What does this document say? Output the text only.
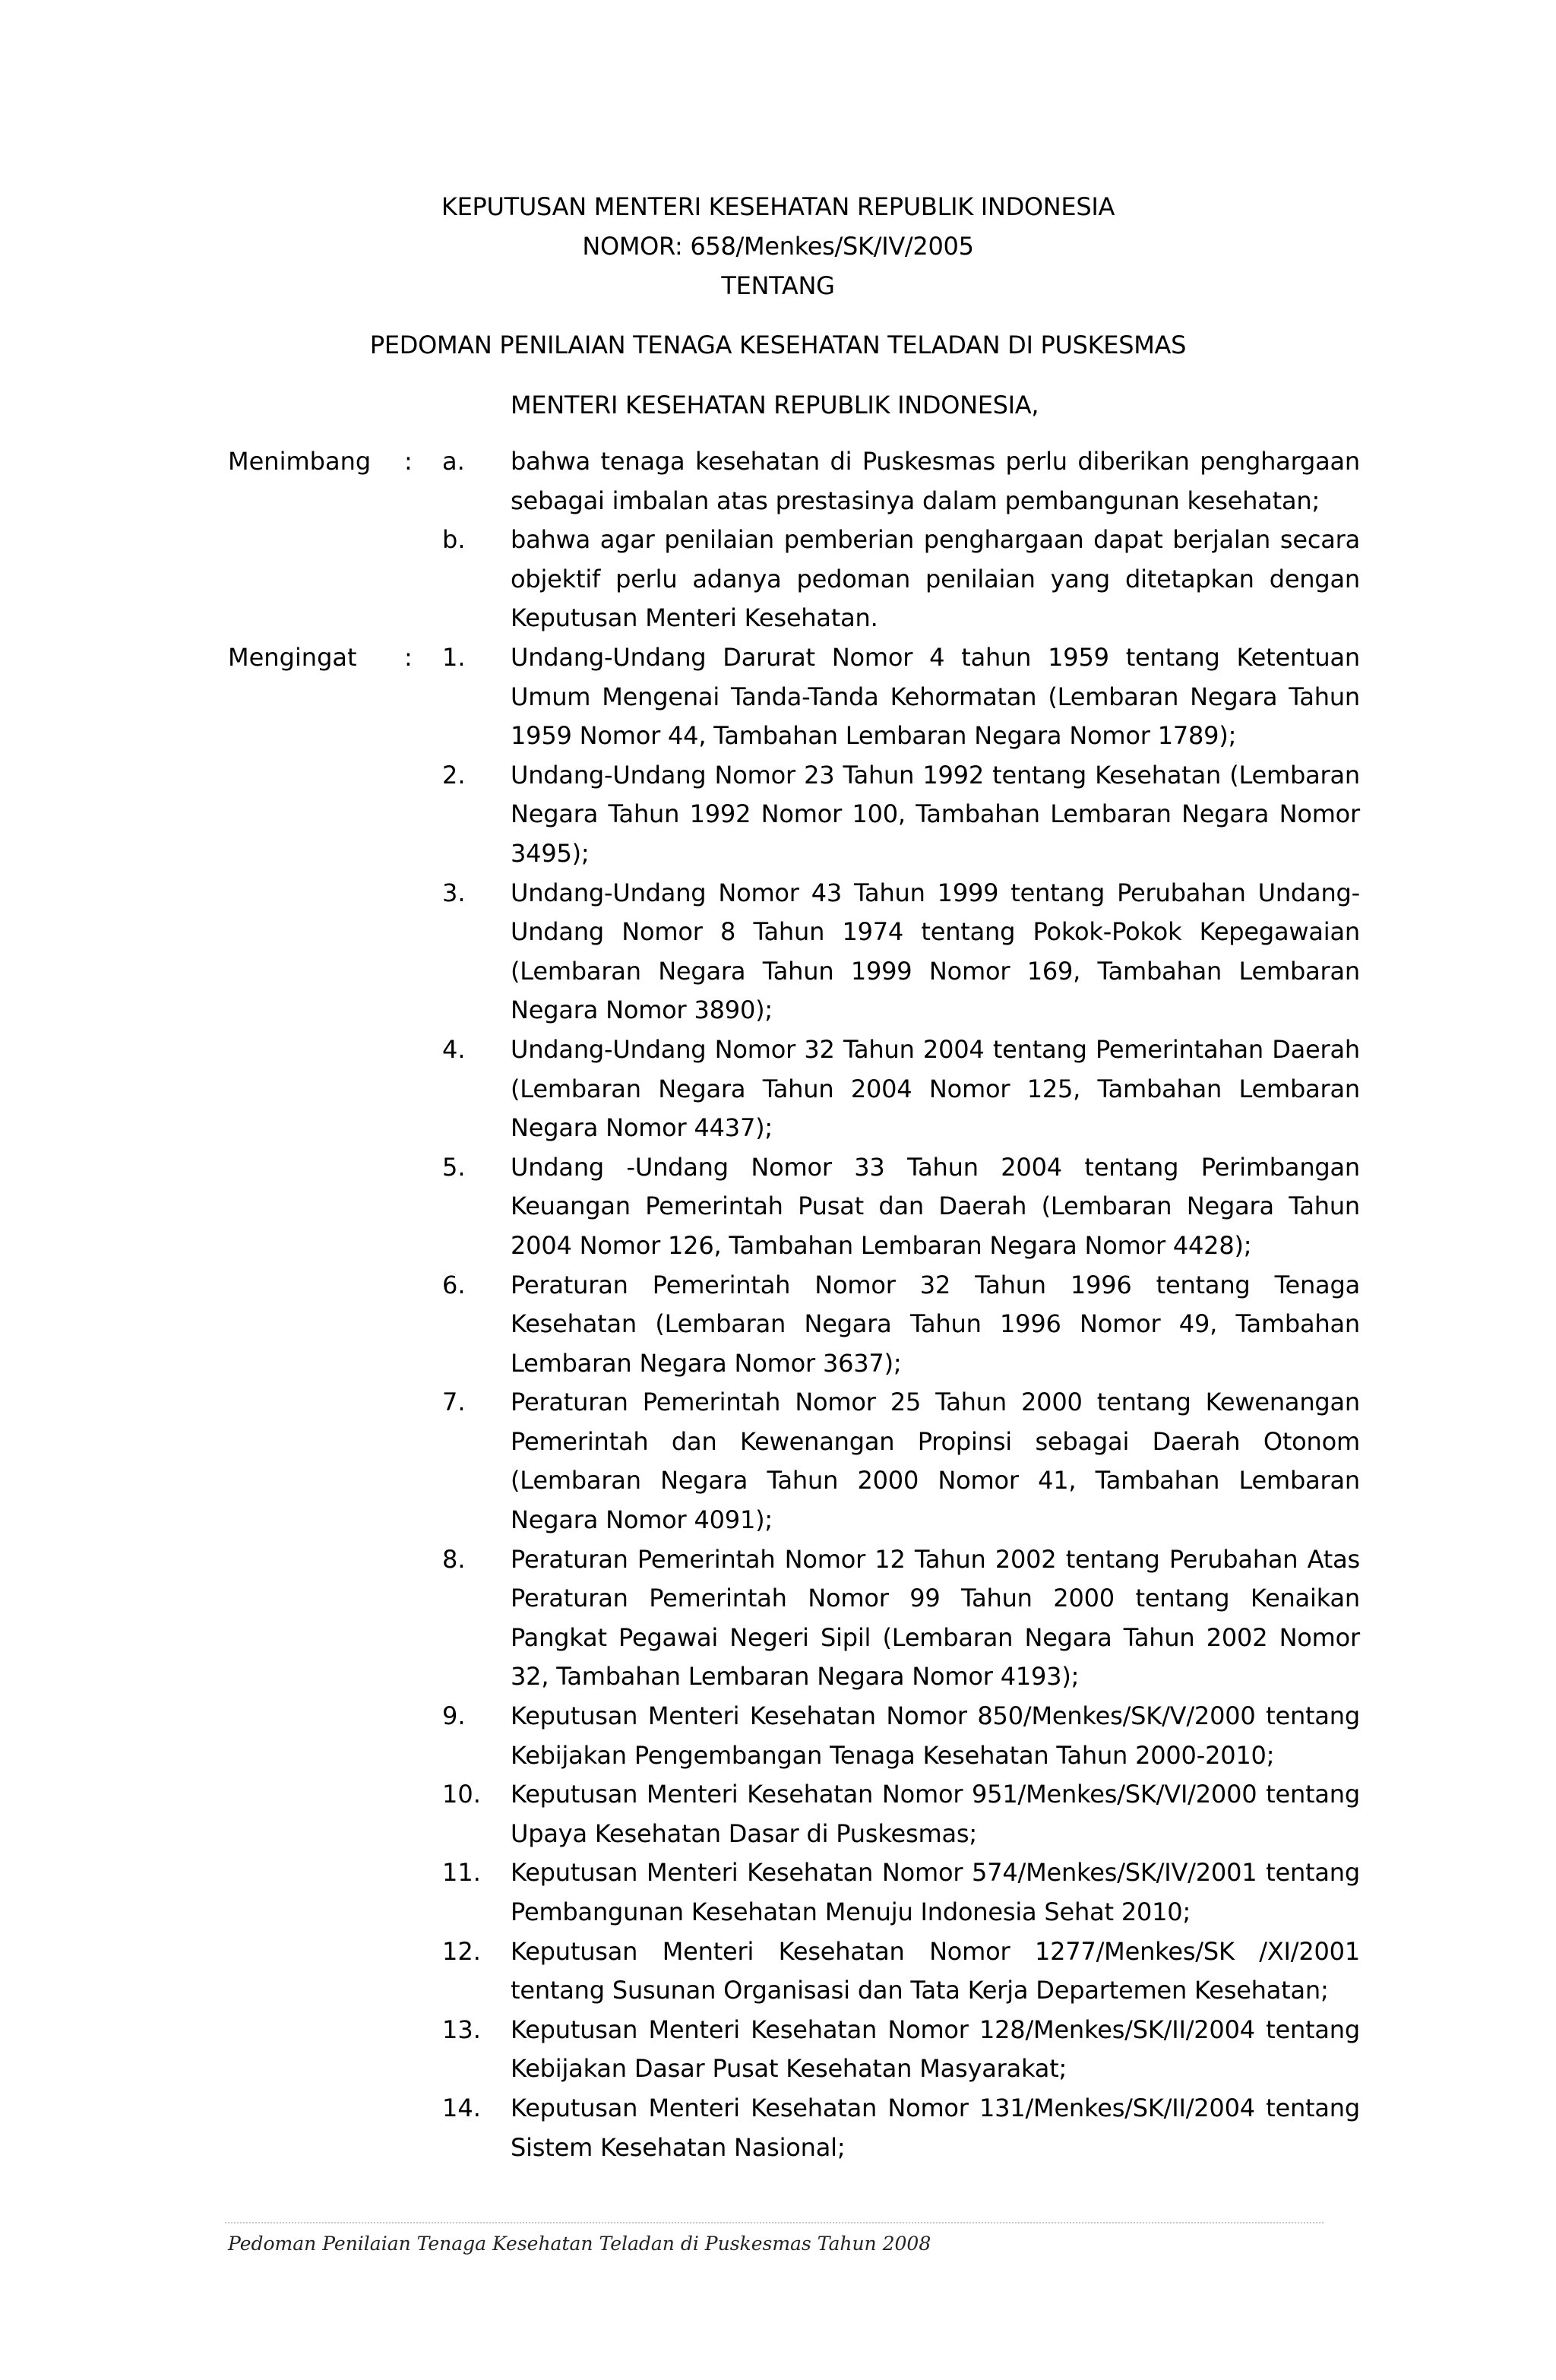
KEPUTUSAN MENTERI KESEHATAN REPUBLIK INDONESIA
NOMOR: 658/Menkes/SK/IV/2005
TENTANG
PEDOMAN PENILAIAN TENAGA KESEHATAN TELADAN DI PUSKESMAS
MENTERI KESEHATAN REPUBLIK INDONESIA,
Menimbang : a. bahwa tenaga kesehatan di Puskesmas perlu diberikan penghargaan sebagai imbalan atas prestasinya dalam pembangunan kesehatan;
b. bahwa agar penilaian pemberian penghargaan dapat berjalan secara objektif perlu adanya pedoman penilaian yang ditetapkan dengan Keputusan Menteri Kesehatan.
Mengingat : 1. Undang-Undang Darurat Nomor 4 tahun 1959 tentang Ketentuan Umum Mengenai Tanda-Tanda Kehormatan (Lembaran Negara Tahun 1959 Nomor 44, Tambahan Lembaran Negara Nomor 1789);
2. Undang-Undang Nomor 23 Tahun 1992 tentang Kesehatan (Lembaran Negara Tahun 1992 Nomor 100, Tambahan Lembaran Negara Nomor 3495);
3. Undang-Undang Nomor 43 Tahun 1999 tentang Perubahan Undang-Undang Nomor 8 Tahun 1974 tentang Pokok-Pokok Kepegawaian (Lembaran Negara Tahun 1999 Nomor 169, Tambahan Lembaran Negara Nomor 3890);
4. Undang-Undang Nomor 32 Tahun 2004 tentang Pemerintahan Daerah (Lembaran Negara Tahun 2004 Nomor 125, Tambahan Lembaran Negara Nomor 4437);
5. Undang -Undang Nomor 33 Tahun 2004 tentang Perimbangan Keuangan Pemerintah Pusat dan Daerah (Lembaran Negara Tahun 2004 Nomor 126, Tambahan Lembaran Negara Nomor 4428);
6. Peraturan Pemerintah Nomor 32 Tahun 1996 tentang Tenaga Kesehatan (Lembaran Negara Tahun 1996 Nomor 49, Tambahan Lembaran Negara Nomor 3637);
7. Peraturan Pemerintah Nomor 25 Tahun 2000 tentang Kewenangan Pemerintah dan Kewenangan Propinsi sebagai Daerah Otonom (Lembaran Negara Tahun 2000 Nomor 41, Tambahan Lembaran Negara Nomor 4091);
8. Peraturan Pemerintah Nomor 12 Tahun 2002 tentang Perubahan Atas Peraturan Pemerintah Nomor 99 Tahun 2000 tentang Kenaikan Pangkat Pegawai Negeri Sipil (Lembaran Negara Tahun 2002 Nomor 32, Tambahan Lembaran Negara Nomor 4193);
9. Keputusan Menteri Kesehatan Nomor 850/Menkes/SK/V/2000 tentang Kebijakan Pengembangan Tenaga Kesehatan Tahun 2000-2010;
10. Keputusan Menteri Kesehatan Nomor 951/Menkes/SK/VI/2000 tentang Upaya Kesehatan Dasar di Puskesmas;
11. Keputusan Menteri Kesehatan Nomor 574/Menkes/SK/IV/2001 tentang Pembangunan Kesehatan Menuju Indonesia Sehat 2010;
12. Keputusan Menteri Kesehatan Nomor 1277/Menkes/SK /XI/2001 tentang Susunan Organisasi dan Tata Kerja Departemen Kesehatan;
13. Keputusan Menteri Kesehatan Nomor 128/Menkes/SK/II/2004 tentang Kebijakan Dasar Pusat Kesehatan Masyarakat;
14. Keputusan Menteri Kesehatan Nomor 131/Menkes/SK/II/2004 tentang Sistem Kesehatan Nasional;
Pedoman Penilaian Tenaga Kesehatan Teladan di Puskesmas Tahun 2008
